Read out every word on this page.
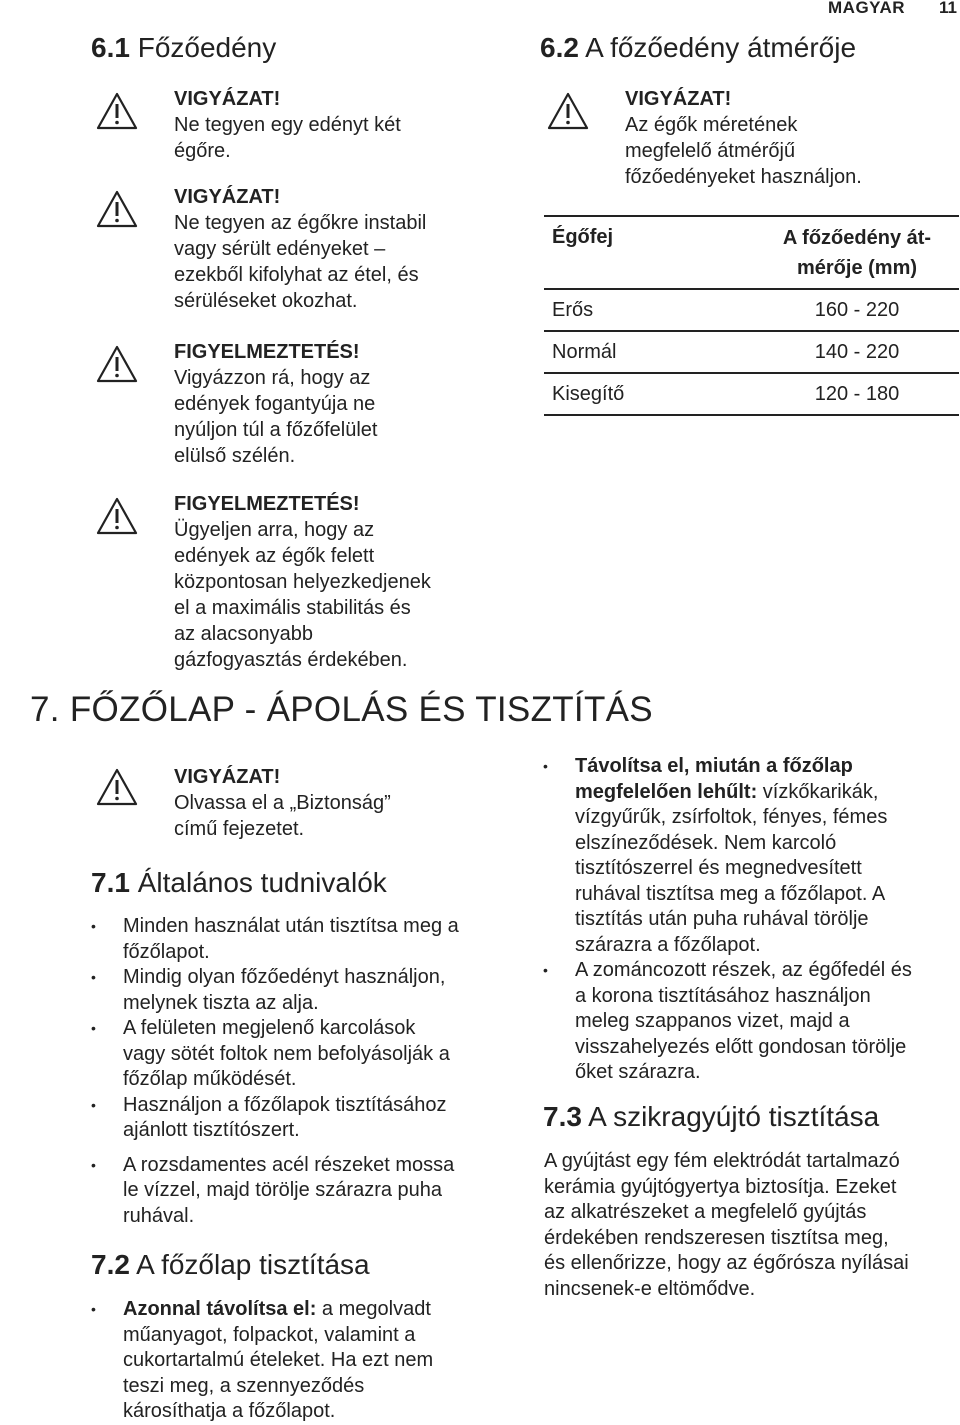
MAGYAR 11
6.1 Főzőedény
VIGYÁZAT!
Ne tegyen egy edényt két
égőre.
VIGYÁZAT!
Ne tegyen az égőkre instabil
vagy sérült edényeket –
ezekből kifolyhat az étel, és
sérüléseket okozhat.
FIGYELMEZTETÉS!
Vigyázzon rá, hogy az
edények fogantyúja ne
nyúljon túl a főzőfelület
elülső szélén.
FIGYELMEZTETÉS!
Ügyeljen arra, hogy az
edények az égők felett
központosan helyezkedjenek
el a maximális stabilitás és
az alacsonyabb
gázfogyasztás érdekében.
6.2 A főzőedény átmérője
VIGYÁZAT!
Az égők méretének
megfelelő átmérőjű
főzőedényeket használjon.
Égőfej	A főzőedény át-
mérője (mm)
Erős	160 - 220
Normál	140 - 220
Kisegítő	120 - 180
7. FŐZŐLAP - ÁPOLÁS ÉS TISZTÍTÁS
VIGYÁZAT!
Olvassa el a „Biztonság”
című fejezetet.
7.1 Általános tudnivalók
• Minden használat után tisztítsa meg a
főzőlapot.
• Mindig olyan főzőedényt használjon,
melynek tiszta az alja.
• A felületen megjelenő karcolások
vagy sötét foltok nem befolyásolják a
főzőlap működését.
• Használjon a főzőlapok tisztításához
ajánlott tisztítószert.
• A rozsdamentes acél részeket mossa
le vízzel, majd törölje szárazra puha
ruhával.
7.2 A főzőlap tisztítása
• Azonnal távolítsa el: a megolvadt
műanyagot, folpackot, valamint a
cukortartalmú ételeket. Ha ezt nem
teszi meg, a szennyeződés
károsíthatja a főzőlapot.
• Távolítsa el, miután a főzőlap
megfelelően lehűlt: vízkőkarikák,
vízgyűrűk, zsírfoltok, fényes, fémes
elszíneződések. Nem karcoló
tisztítószerrel és megnedvesített
ruhával tisztítsa meg a főzőlapot. A
tisztítás után puha ruhával törölje
szárazra a főzőlapot.
• A zománcozott részek, az égőfedél és
a korona tisztításához használjon
meleg szappanos vizet, majd a
visszahelyezés előtt gondosan törölje
őket szárazra.
7.3 A szikragyújtó tisztítása
A gyújtást egy fém elektródát tartalmazó
kerámia gyújtógyertya biztosítja. Ezeket
az alkatrészeket a megfelelő gyújtás
érdekében rendszeresen tisztítsa meg,
és ellenőrizze, hogy az égőrósza nyílásai
nincsenek-e eltömődve.
